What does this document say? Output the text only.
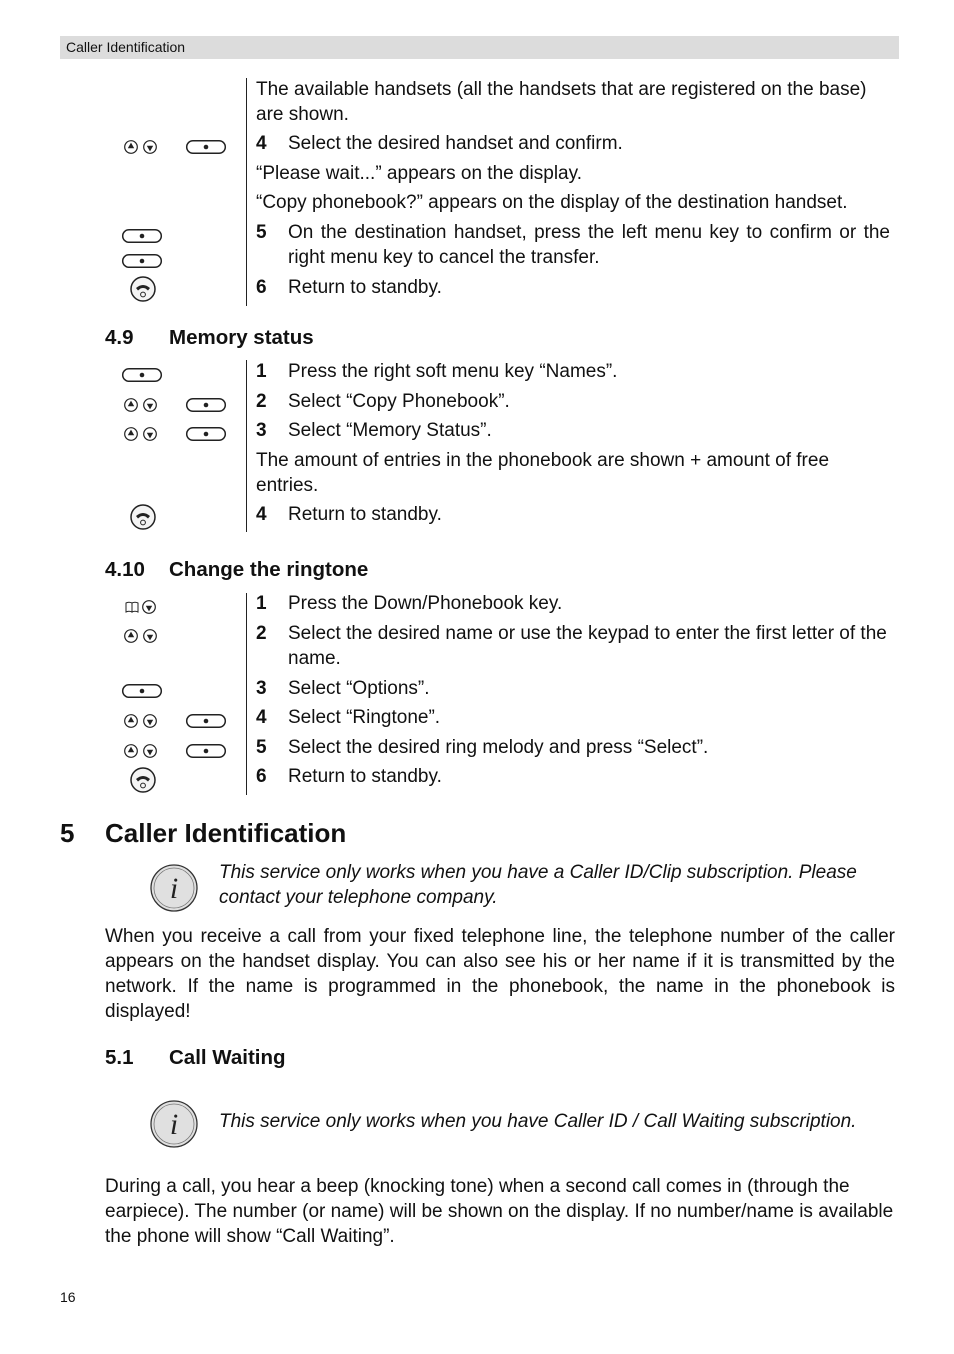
Caller Identification
i
The available handsets (all the handsets that are registered on the base) are shown.
4 Select the desired handset and confirm.
“Please wait...” appears on the display.
“Copy phonebook?” appears on the display of the destination handset.
5 On the destination handset, press the left menu key to confirm or the right menu key to cancel the transfer.
6 Return to standby.
4.9 Memory status
1 Press the right soft menu key “Names”.
2 Select “Copy Phonebook”.
3 Select “Memory Status”.
The amount of entries in the phonebook are shown + amount of free entries.
4 Return to standby.
4.10 Change the ringtone
1 Press the Down/Phonebook key.
2 Select the desired name or use the keypad to enter the first letter of the name.
3 Select “Options”.
4 Select “Ringtone”.
5 Select the desired ring melody and press “Select”.
6 Return to standby.
5 Caller Identification
This service only works when you have a Caller ID/Clip subscription. Please contact your telephone company.
When you receive a call from your fixed telephone line, the telephone number of the caller appears on the handset display. You can also see his or her name if it is transmitted by the network. If the name is programmed in the phonebook, the name in the phonebook is displayed!
5.1 Call Waiting
This service only works when you have Caller ID / Call Waiting subscription.
During a call, you hear a beep (knocking tone) when a second call comes in (through the earpiece). The number (or name) will be shown on the display. If no number/name is available the phone will show “Call Waiting”.
16
